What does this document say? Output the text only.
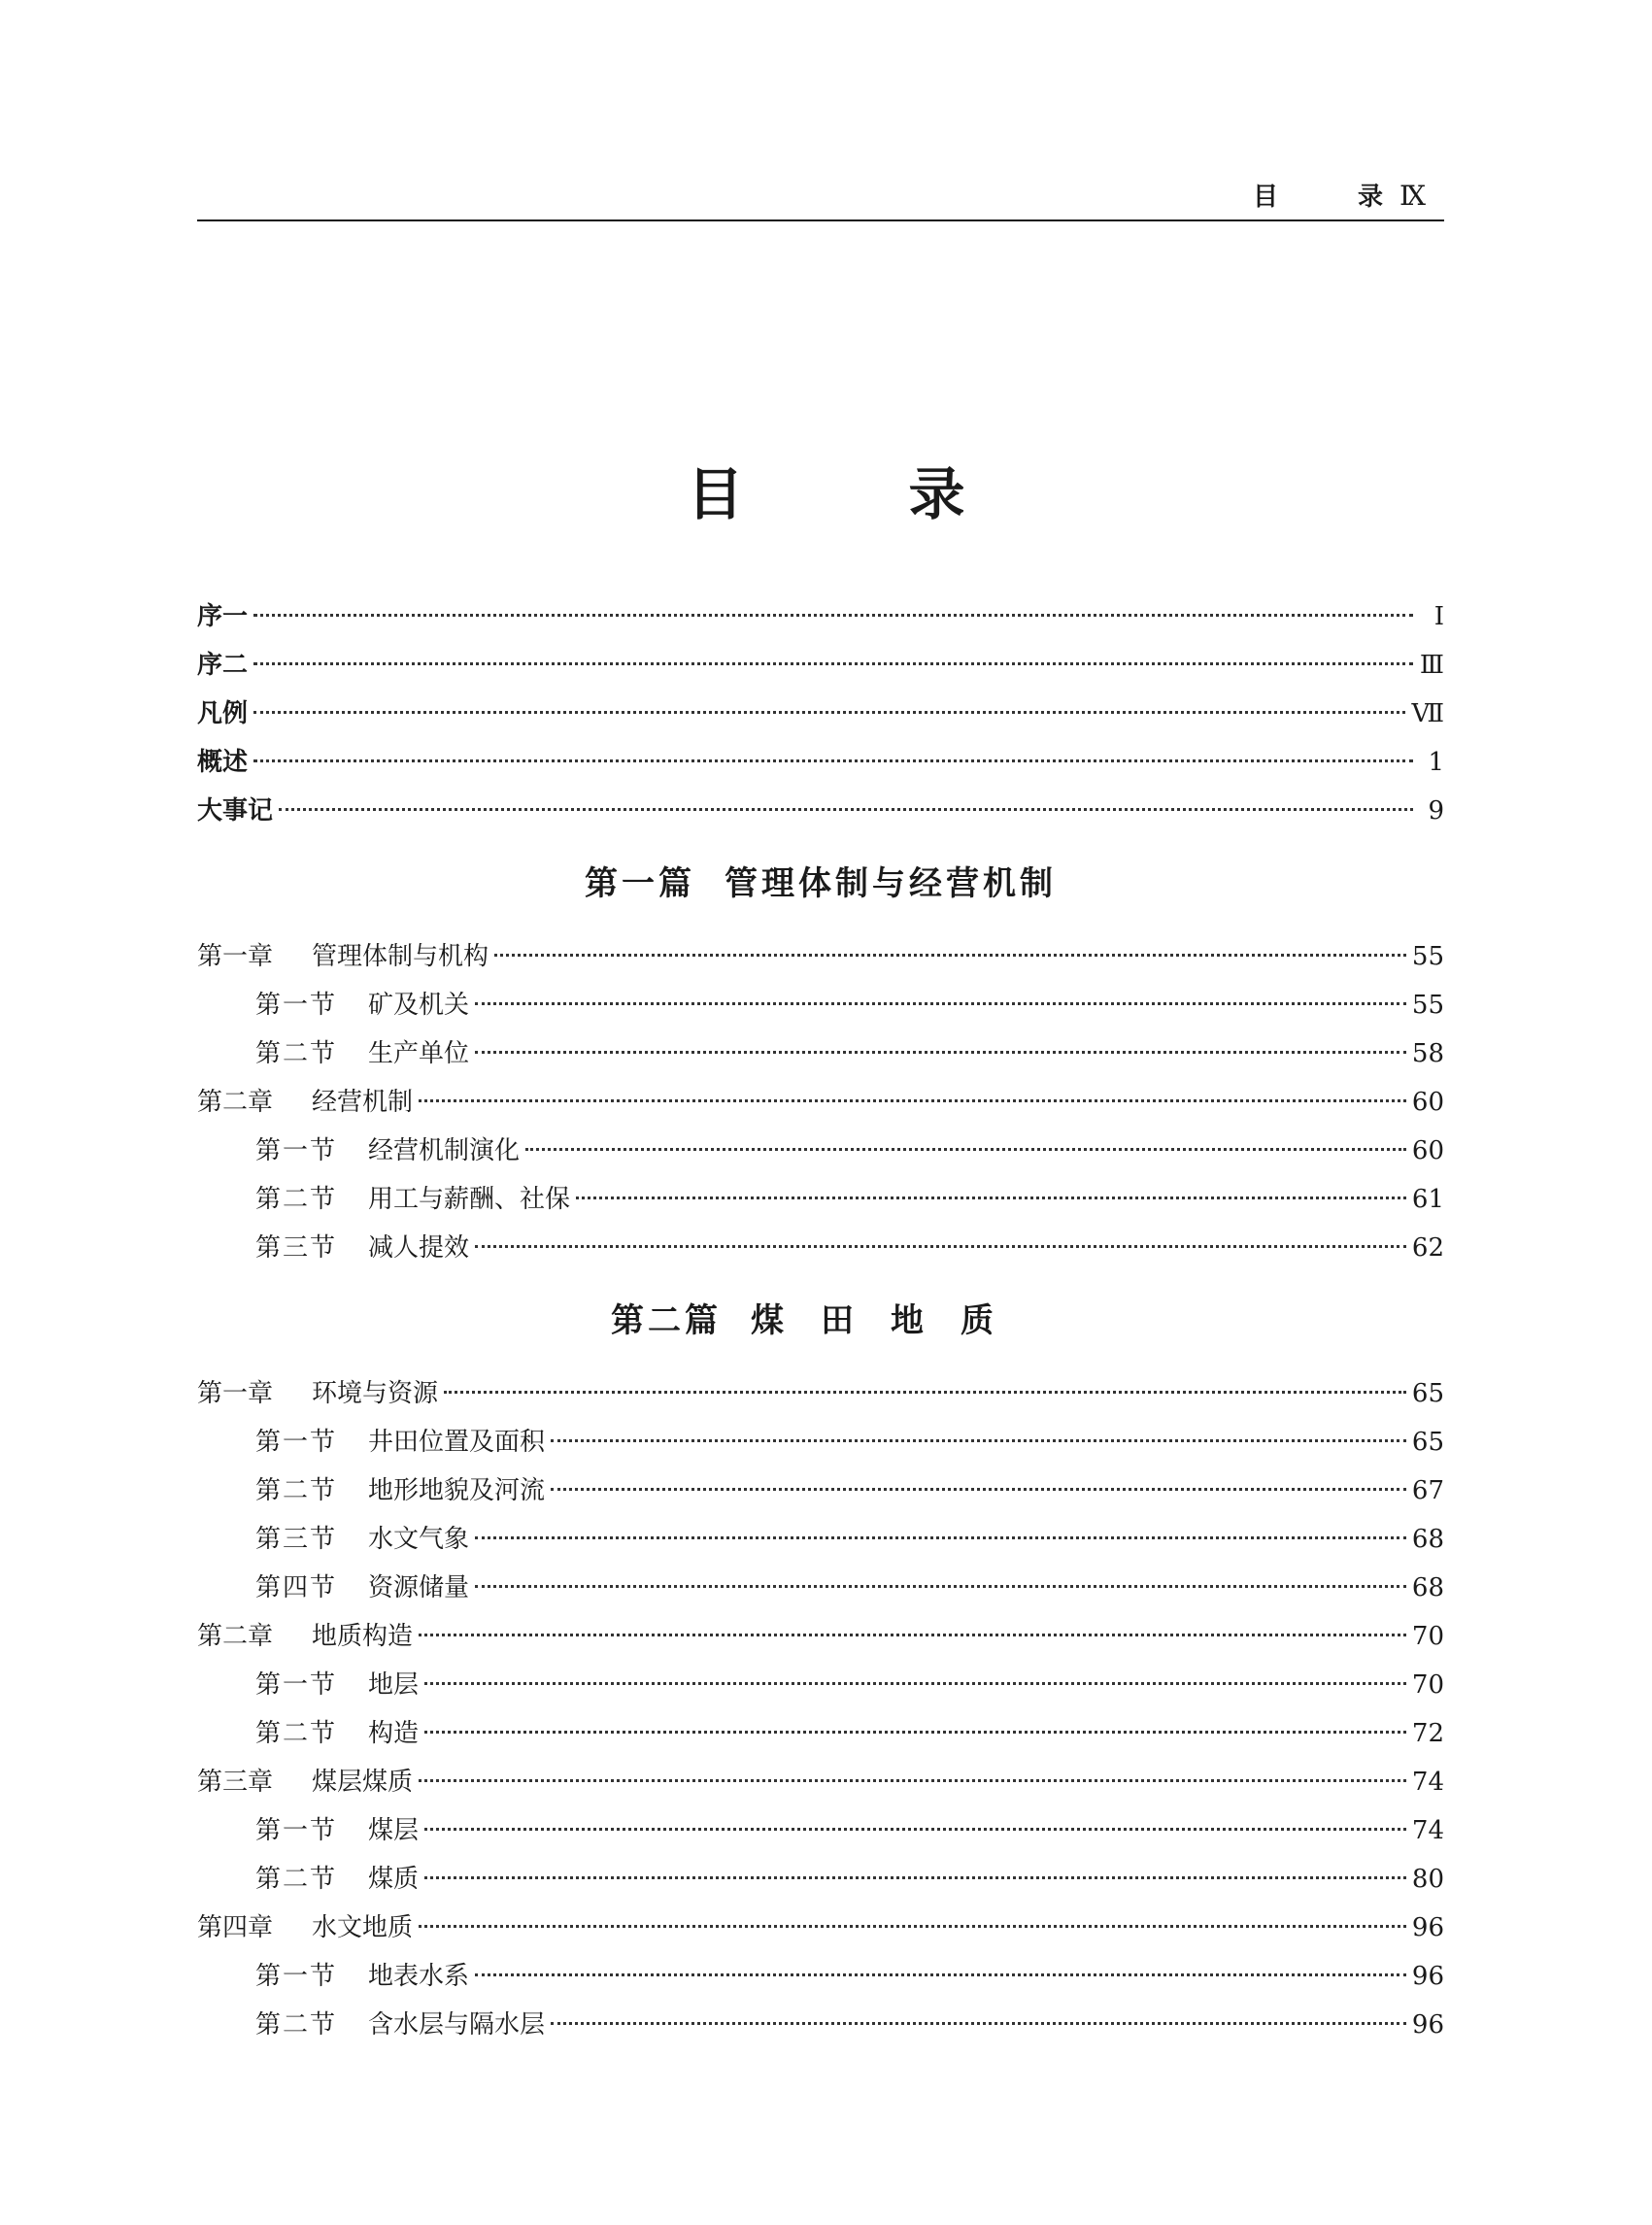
目　　　录 Ⅸ
目录
序一	Ⅰ
序二	Ⅲ
凡例	Ⅶ
概述	1
大事记	9
第一篇 管理体制与经营机制
第一章 管理体制与机构	55
第一节 矿及机关	55
第二节 生产单位	58
第二章 经营机制	60
第一节 经营机制演化	60
第二节 用工与薪酬、社保	61
第三节 减人提效	62
第二篇 煤田地质
第一章 环境与资源	65
第一节 井田位置及面积	65
第二节 地形地貌及河流	67
第三节 水文气象	68
第四节 资源储量	68
第二章 地质构造	70
第一节 地层	70
第二节 构造	72
第三章 煤层煤质	74
第一节 煤层	74
第二节 煤质	80
第四章 水文地质	96
第一节 地表水系	96
第二节 含水层与隔水层	96
